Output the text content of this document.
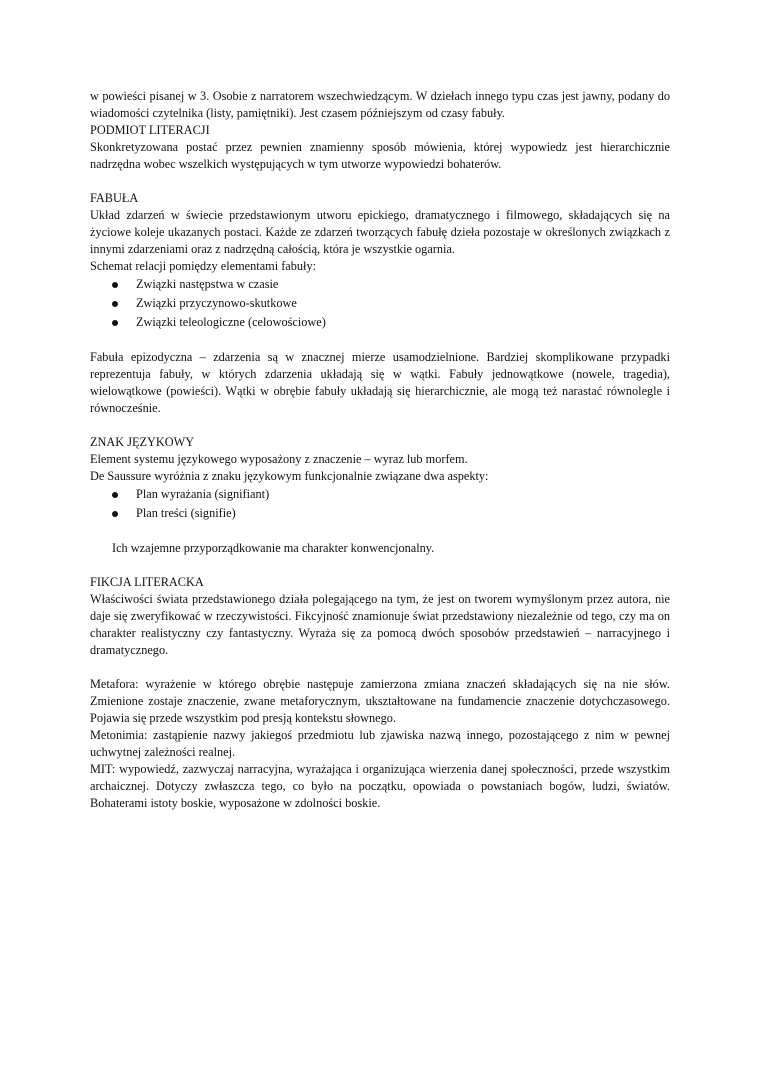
w powieści pisanej w 3. Osobie z narratorem wszechwiedzącym. W dziełach innego typu czas jest jawny, podany do wiadomości czytelnika (listy, pamiętniki). Jest czasem późniejszym od czasy fabuły.

PODMIOT LITERACJI

Skonkretyzowana postać przez pewnien znamienny sposób mówienia, której wypowiedz jest hierarchicznie nadrzędna wobec wszelkich występujących w tym utworze wypowiedzi bohaterów.

FABUŁA

Układ zdarzeń w świecie przedstawionym utworu epickiego, dramatycznego i filmowego, składających się na życiowe koleje ukazanych postaci. Każde ze zdarzeń tworzących fabułę dzieła pozostaje w określonych związkach z innymi zdarzeniami oraz z nadrzędną całością, która je wszystkie ogarnia.

Schemat relacji pomiędzy elementami fabuły:

Związki następstwa w czasie
Związki przyczynowo-skutkowe
Związki teleologiczne (celowościowe)

Fabuła epizodyczna – zdarzenia są w znacznej mierze usamodzielnione. Bardziej skomplikowane przypadki reprezentuja fabuły, w których zdarzenia układają się w wątki. Fabuły jednowątkowe (nowele, tragedia), wielowątkowe (powieści). Wątki w obrębie fabuły układają się hierarchicznie, ale mogą też narastać równolegle i równocześnie.

ZNAK JĘZYKOWY

Element systemu językowego wyposażony z znaczenie – wyraz lub morfem.

De Saussure wyróżnia z znaku językowym funkcjonalnie związane dwa aspekty:

Plan wyrażania (signifiant)
Plan treści (signifie)

Ich wzajemne przyporządkowanie ma charakter konwencjonalny.

FIKCJA LITERACKA

Właściwości świata przedstawionego działa polegającego na tym, że jest on tworem wymyślonym przez autora, nie daje się zweryfikować w rzeczywistości. Fikcyjność znamionuje świat przedstawiony niezależnie od tego, czy ma on charakter realistyczny czy fantastyczny. Wyraża się za pomocą dwóch sposobów przedstawień – narracyjnego i dramatycznego.

Metafora: wyrażenie w którego obrębie następuje zamierzona zmiana znaczeń składających się na nie słów. Zmienione zostaje znaczenie, zwane metaforycznym, ukształtowane na fundamencie znaczenie dotychczasowego. Pojawia się przede wszystkim pod presją kontekstu słownego.

Metonimia: zastąpienie nazwy jakiegoś przedmiotu lub zjawiska nazwą innego, pozostającego z nim w pewnej uchwytnej zależności realnej.

MIT: wypowiedź, zazwyczaj narracyjna, wyrażająca i organizująca wierzenia danej społeczności, przede wszystkim archaicznej. Dotyczy zwłaszcza tego, co było na początku, opowiada o powstaniach bogów, ludzi, światów. Bohaterami istoty boskie, wyposażone w zdolności boskie.
